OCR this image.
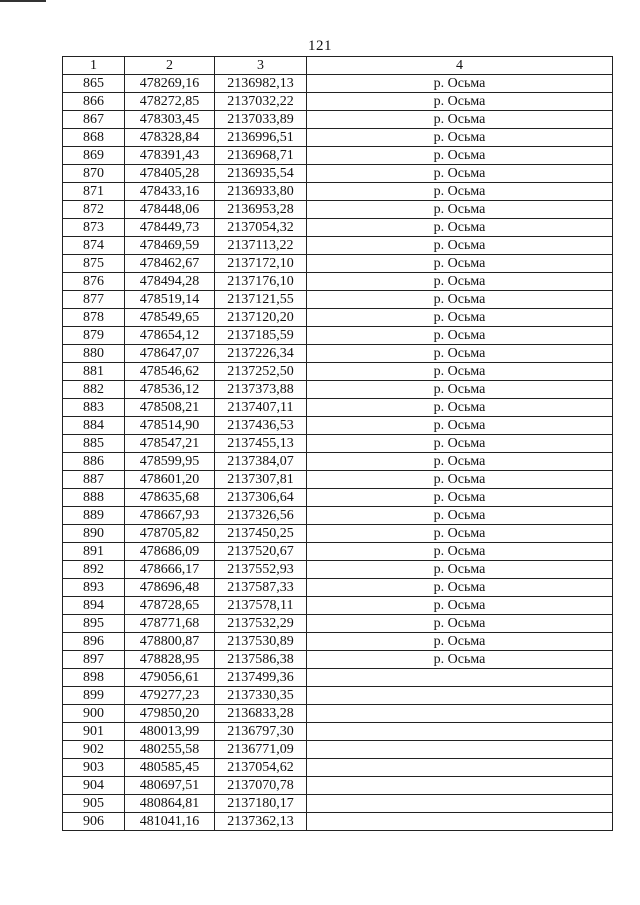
121
1	2	3	4
865	478269,16	2136982,13	р. Осьма
866	478272,85	2137032,22	р. Осьма
867	478303,45	2137033,89	р. Осьма
868	478328,84	2136996,51	р. Осьма
869	478391,43	2136968,71	р. Осьма
870	478405,28	2136935,54	р. Осьма
871	478433,16	2136933,80	р. Осьма
872	478448,06	2136953,28	р. Осьма
873	478449,73	2137054,32	р. Осьма
874	478469,59	2137113,22	р. Осьма
875	478462,67	2137172,10	р. Осьма
876	478494,28	2137176,10	р. Осьма
877	478519,14	2137121,55	р. Осьма
878	478549,65	2137120,20	р. Осьма
879	478654,12	2137185,59	р. Осьма
880	478647,07	2137226,34	р. Осьма
881	478546,62	2137252,50	р. Осьма
882	478536,12	2137373,88	р. Осьма
883	478508,21	2137407,11	р. Осьма
884	478514,90	2137436,53	р. Осьма
885	478547,21	2137455,13	р. Осьма
886	478599,95	2137384,07	р. Осьма
887	478601,20	2137307,81	р. Осьма
888	478635,68	2137306,64	р. Осьма
889	478667,93	2137326,56	р. Осьма
890	478705,82	2137450,25	р. Осьма
891	478686,09	2137520,67	р. Осьма
892	478666,17	2137552,93	р. Осьма
893	478696,48	2137587,33	р. Осьма
894	478728,65	2137578,11	р. Осьма
895	478771,68	2137532,29	р. Осьма
896	478800,87	2137530,89	р. Осьма
897	478828,95	2137586,38	р. Осьма
898	479056,61	2137499,36	
899	479277,23	2137330,35	
900	479850,20	2136833,28	
901	480013,99	2136797,30	
902	480255,58	2136771,09	
903	480585,45	2137054,62	
904	480697,51	2137070,78	
905	480864,81	2137180,17	
906	481041,16	2137362,13	
